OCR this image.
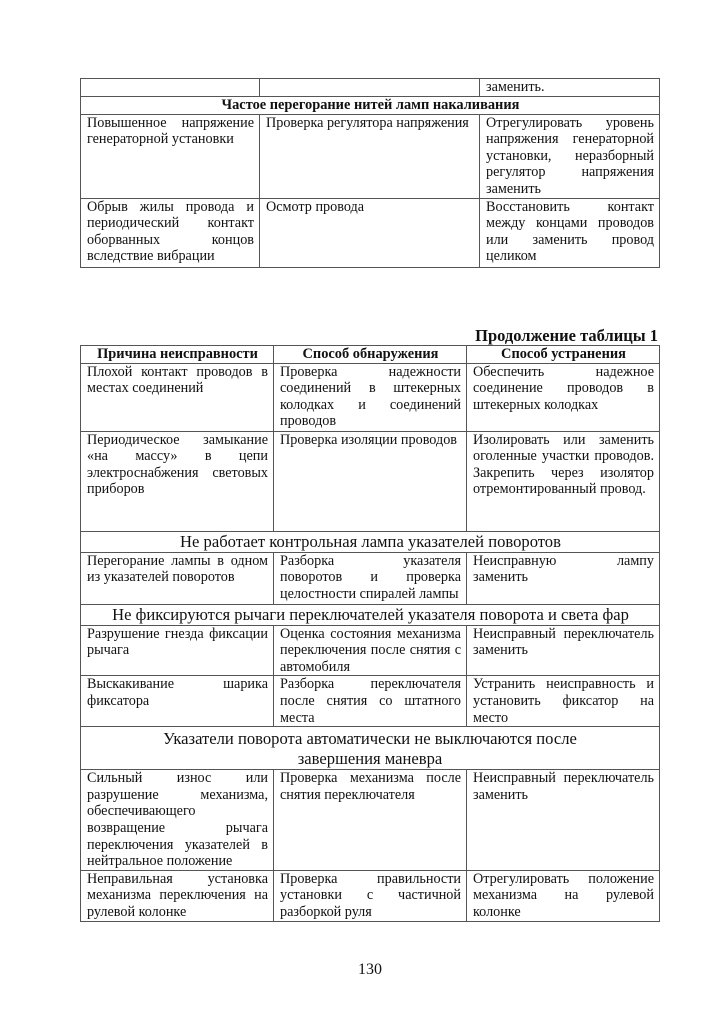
		заменить.
Частое перегорание нитей ламп накаливания		
Повышенное напряжение генераторной установки	Проверка регулятора напряжения	Отрегулировать уровень напряжения генераторной установки, неразборный регулятор напряжения заменить
Обрыв жилы провода и периодический контакт оборванных концов вследствие вибрации	Осмотр провода	Восстановить контакт между концами проводов или заменить провод целиком
Продолжение таблицы 1
Причина неисправности	Способ обнаружения	Способ устранения
Плохой контакт проводов в местах соединений	Проверка надежности соединений в штекерных колодках и соединений проводов	Обеспечить надежное соединение проводов в штекерных колодках
Периодическое замыкание «на массу» в цепи электроснабжения световых приборов	Проверка изоляции проводов	Изолировать или заменить оголенные участки проводов. Закрепить через изолятор отремонтированный провод.
Не работает контрольная лампа указателей поворотов		
Перегорание лампы в одном из указателей поворотов	Разборка указателя поворотов и проверка целостности спиралей лампы	Неисправную лампу заменить
Не фиксируются рычаги переключателей указателя поворота и света фар		
Разрушение гнезда фиксации рычага	Оценка состояния механизма переключения после снятия с автомобиля	Неисправный переключатель заменить
Выскакивание шарика фиксатора	Разборка переключателя после снятия со штатного места	Устранить неисправность и установить фиксатор на место
Указатели поворота автоматически не выключаются после завершения маневра		
Сильный износ или разрушение механизма, обеспечивающего возвращение рычага переключения указателей в нейтральное положение	Проверка механизма после снятия переключателя	Неисправный переключатель заменить
Неправильная установка механизма переключения на рулевой колонке	Проверка правильности установки с частичной разборкой руля	Отрегулировать положение механизма на рулевой колонке
130
